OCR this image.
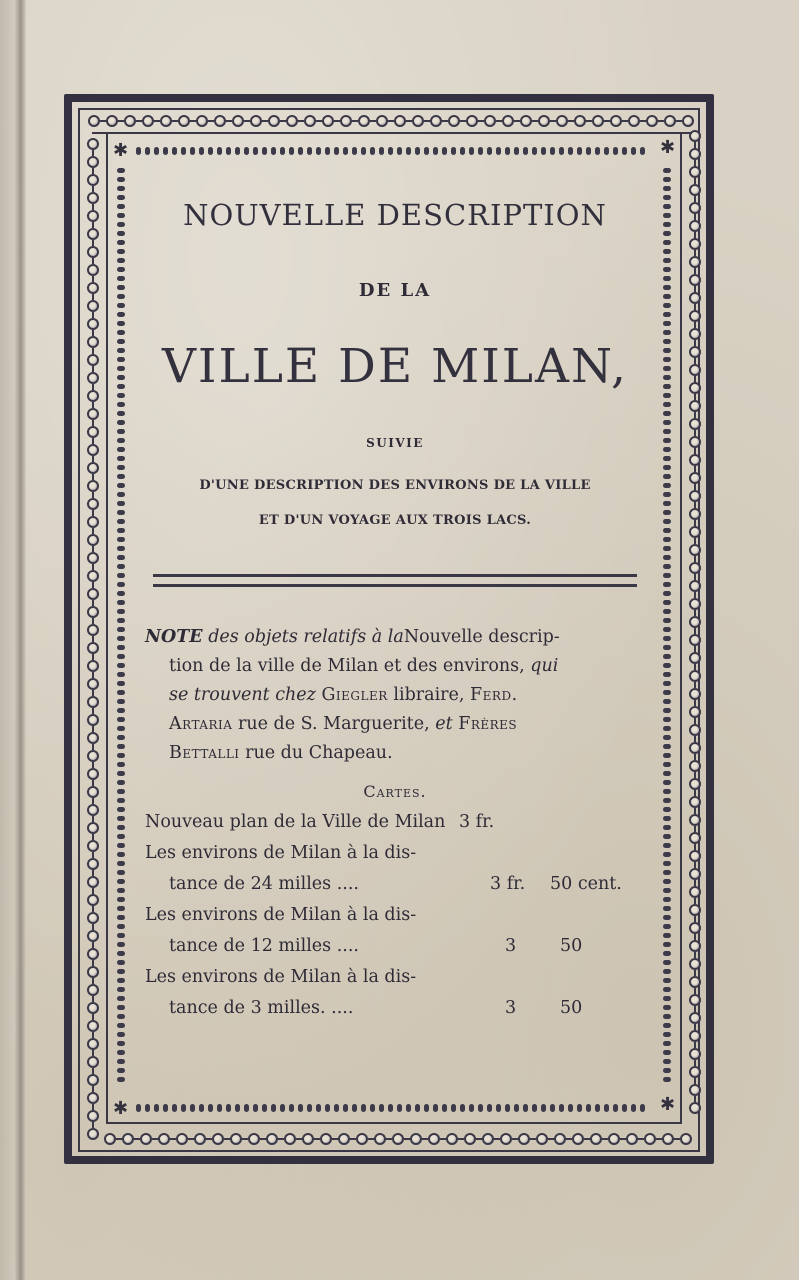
✱	✱
✱	✱
NOUVELLE DESCRIPTION
DE LA
VILLE DE MILAN,
SUIVIE
D'UNE DESCRIPTION DES ENVIRONS DE LA VILLE
ET D'UN VOYAGE AUX TROIS LACS.
NOTE des objets relatifs à laNouvelle descrip-
tion de la ville de Milan et des environs, qui
se trouvent chez Giegler libraire, Ferd.
Artaria rue de S. Marguerite, et Frères
Bettalli rue du Chapeau.
Cartes.
Nouveau plan de la Ville de Milan 3 fr.
Les environs de Milan à la dis-
tance de 24 milles ....	3 fr. 50 cent.
Les environs de Milan à la dis-
tance de 12 milles ....	3	50
Les environs de Milan à la dis-
tance de 3 milles. ....	3	50
